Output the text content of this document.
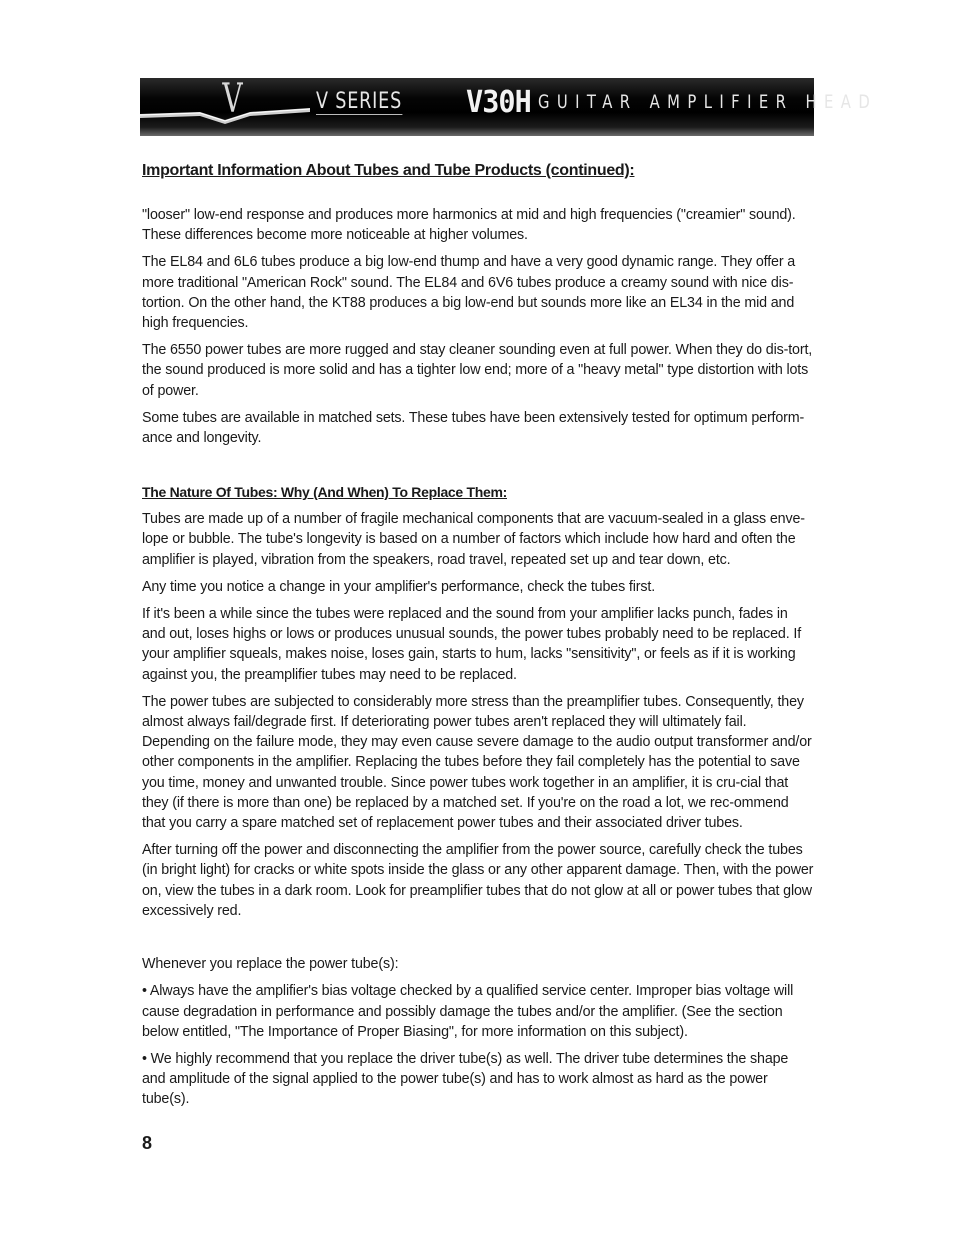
V	V SERIES V30H GUITAR AMPLIFIER HEAD
Important Information About Tubes and Tube Products (continued):

"looser" low-end response and produces more harmonics at mid and high frequencies ("creamier" sound). These differences become more noticeable at higher volumes.

The EL84 and 6L6 tubes produce a big low-end thump and have a very good dynamic range. They offer a more traditional "American Rock" sound. The EL84 and 6V6 tubes produce a creamy sound with nice dis-tortion. On the other hand, the KT88 produces a big low-end but sounds more like an EL34 in the mid and high frequencies.

The 6550 power tubes are more rugged and stay cleaner sounding even at full power. When they do dis-tort, the sound produced is more solid and has a tighter low end; more of a "heavy metal" type distortion with lots of power.

Some tubes are available in matched sets. These tubes have been extensively tested for optimum perform-ance and longevity.

The Nature Of Tubes: Why (And When) To Replace Them:

Tubes are made up of a number of fragile mechanical components that are vacuum-sealed in a glass enve-lope or bubble. The tube's longevity is based on a number of factors which include how hard and often the amplifier is played, vibration from the speakers, road travel, repeated set up and tear down, etc.

Any time you notice a change in your amplifier's performance, check the tubes first.

If it's been a while since the tubes were replaced and the sound from your amplifier lacks punch, fades in and out, loses highs or lows or produces unusual sounds, the power tubes probably need to be replaced. If your amplifier squeals, makes noise, loses gain, starts to hum, lacks "sensitivity", or feels as if it is working against you, the preamplifier tubes may need to be replaced.

The power tubes are subjected to considerably more stress than the preamplifier tubes. Consequently, they almost always fail/degrade first. If deteriorating power tubes aren't replaced they will ultimately fail. Depending on the failure mode, they may even cause severe damage to the audio output transformer and/or other components in the amplifier. Replacing the tubes before they fail completely has the potential to save you time, money and unwanted trouble. Since power tubes work together in an amplifier, it is cru-cial that they (if there is more than one) be replaced by a matched set. If you're on the road a lot, we rec-ommend that you carry a spare matched set of replacement power tubes and their associated driver tubes.

After turning off the power and disconnecting the amplifier from the power source, carefully check the tubes (in bright light) for cracks or white spots inside the glass or any other apparent damage. Then, with the power on, view the tubes in a dark room. Look for preamplifier tubes that do not glow at all or power tubes that glow excessively red.

Whenever you replace the power tube(s):

• Always have the amplifier's bias voltage checked by a qualified service center. Improper bias voltage will cause degradation in performance and possibly damage the tubes and/or the amplifier. (See the section below entitled, "The Importance of Proper Biasing", for more information on this subject).

• We highly recommend that you replace the driver tube(s) as well. The driver tube determines the shape and amplitude of the signal applied to the power tube(s) and has to work almost as hard as the power tube(s).

8
